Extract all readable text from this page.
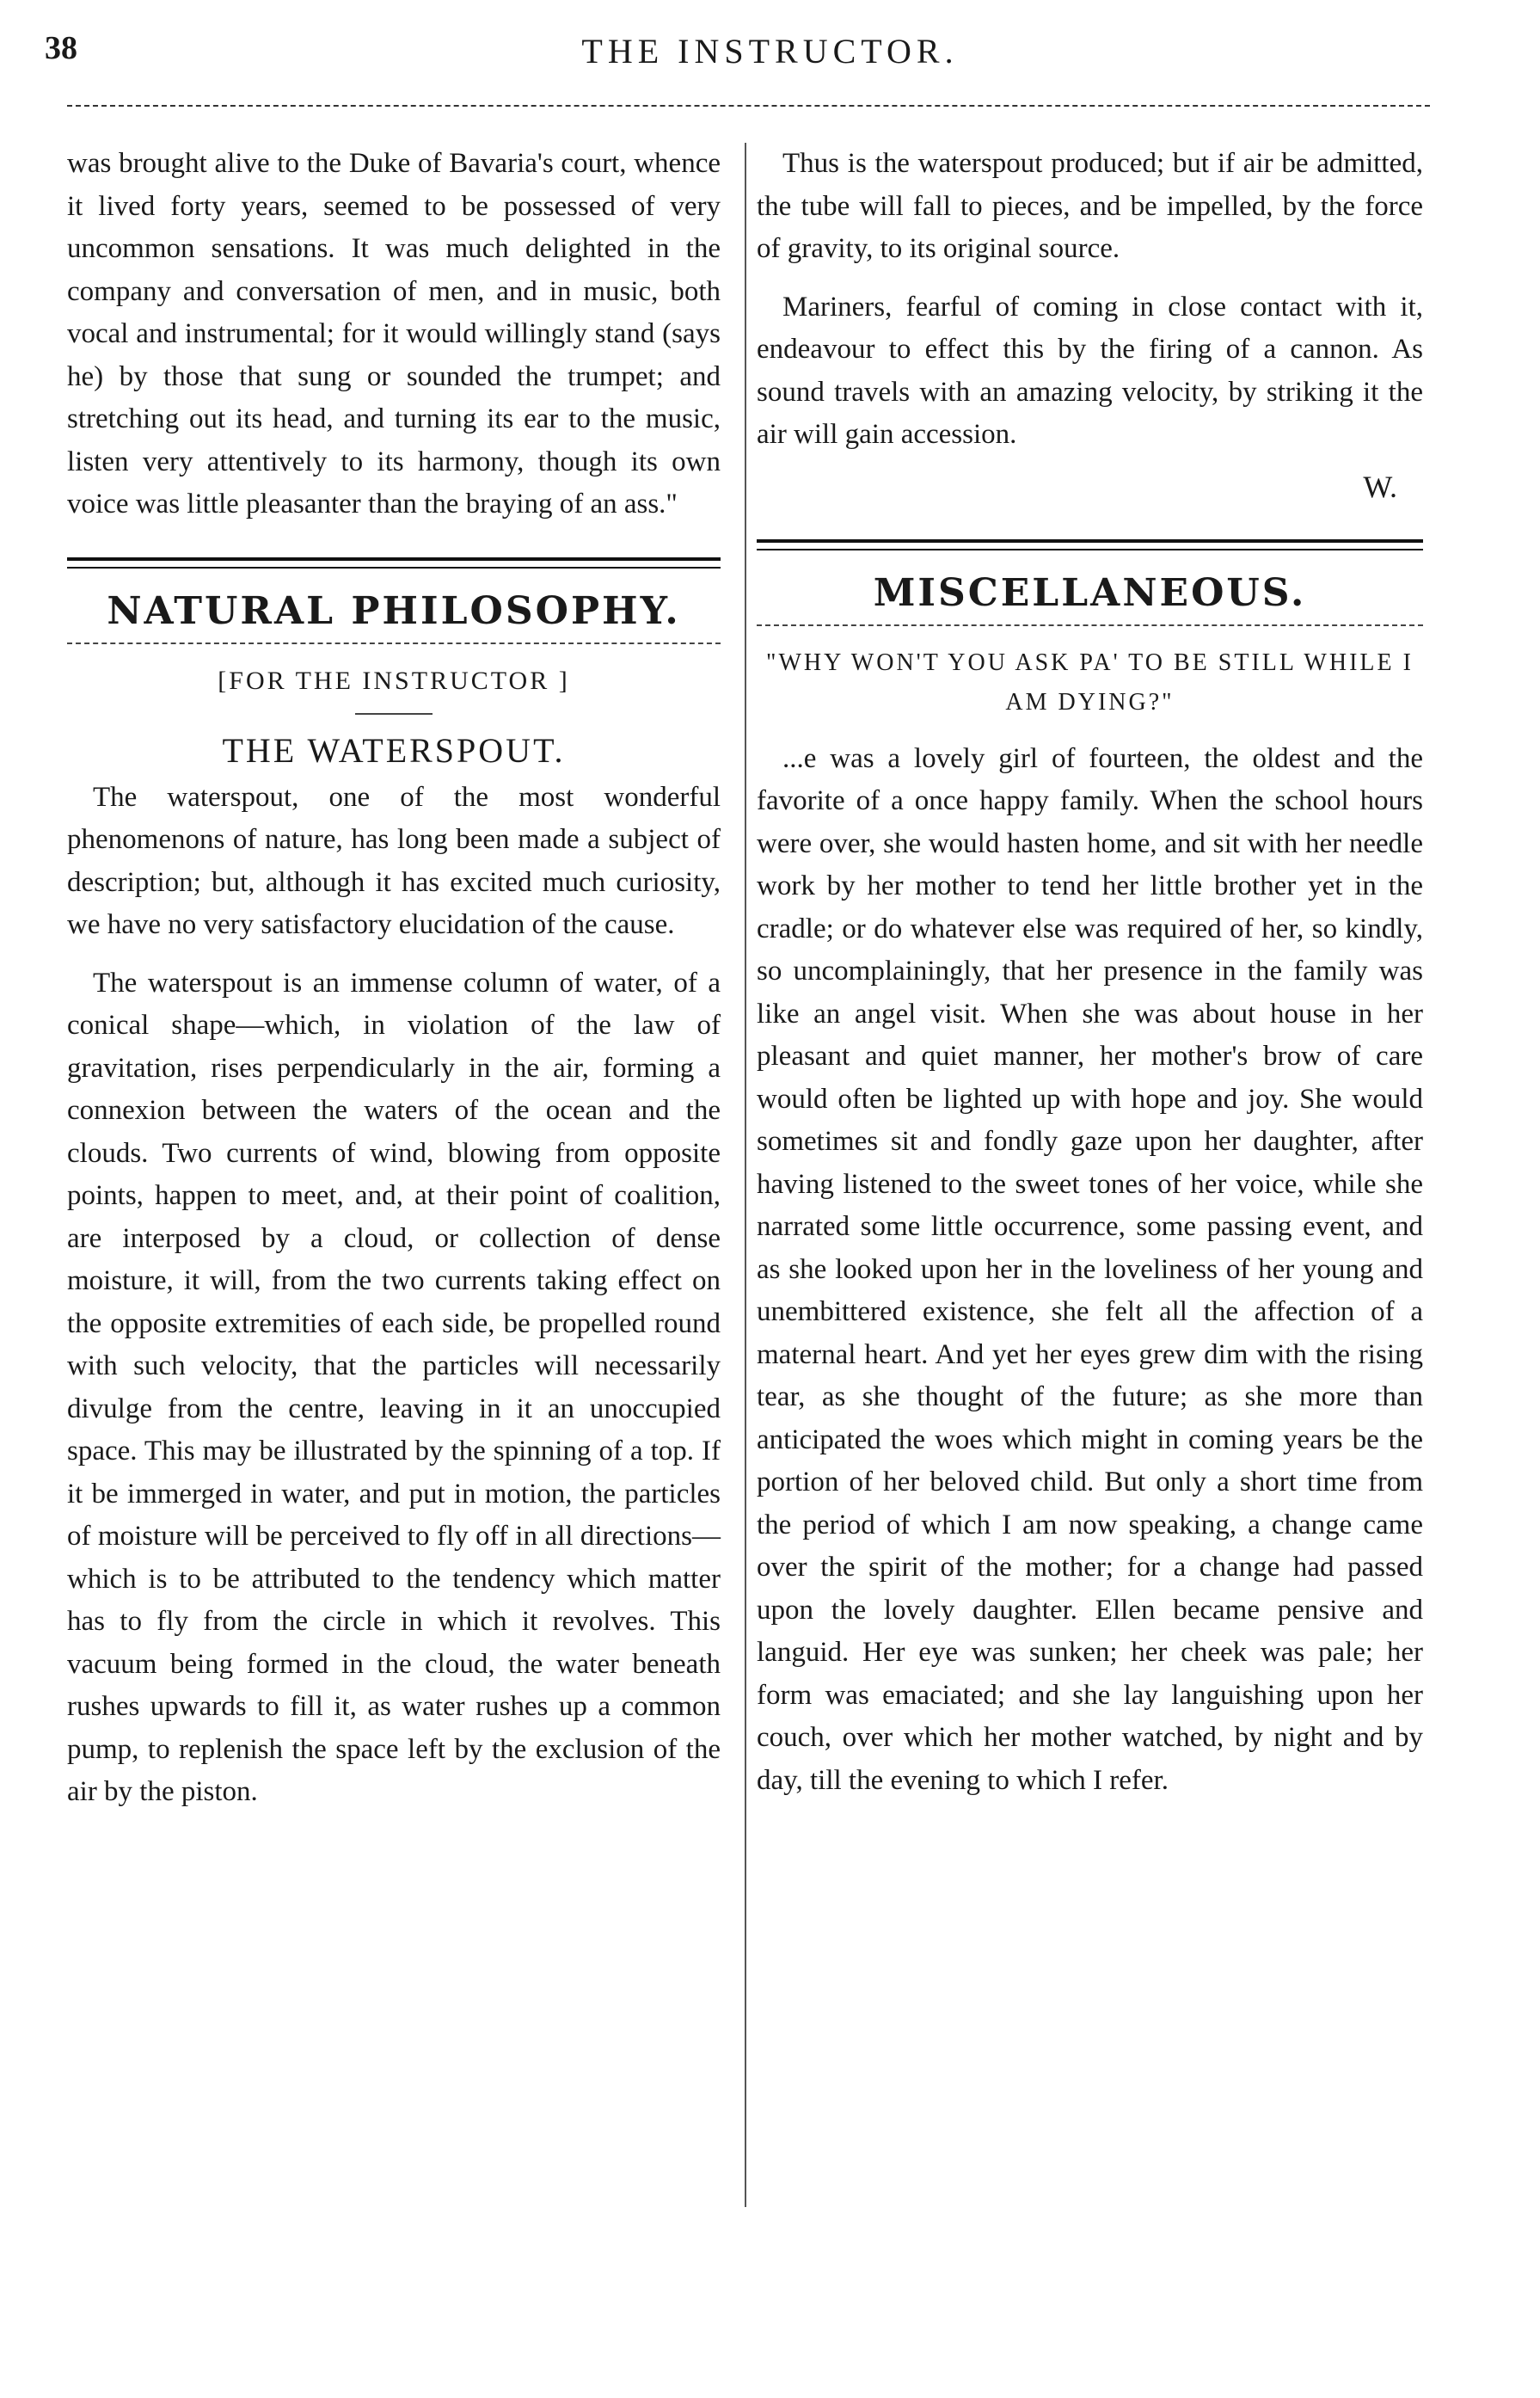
38	THE INSTRUCTOR.

was brought alive to the Duke of Bavaria's court, whence it lived forty years, seemed to be possessed of very uncommon sensations. It was much delighted in the company and conversation of men, and in music, both vocal and instrumental; for it would willingly stand (says he) by those that sung or sounded the trumpet; and stretching out its head, and turning its ear to the music, listen very attentively to its harmony, though its own voice was little pleasanter than the braying of an ass."

NATURAL PHILOSOPHY.
[FOR THE INSTRUCTOR ]
THE WATERSPOUT.

The waterspout, one of the most wonderful phenomenons of nature, has long been made a subject of description; but, although it has excited much curiosity, we have no very satisfactory elucidation of the cause.

The waterspout is an immense column of water, of a conical shape—which, in violation of the law of gravitation, rises perpendicularly in the air, forming a connexion between the waters of the ocean and the clouds. Two currents of wind, blowing from opposite points, happen to meet, and, at their point of coalition, are interposed by a cloud, or collection of dense moisture, it will, from the two currents taking effect on the opposite extremities of each side, be propelled round with such velocity, that the particles will necessarily divulge from the centre, leaving in it an unoccupied space. This may be illustrated by the spinning of a top. If it be immerged in water, and put in motion, the particles of moisture will be perceived to fly off in all directions—which is to be attributed to the tendency which matter has to fly from the circle in which it revolves. This vacuum being formed in the cloud, the water beneath rushes upwards to fill it, as water rushes up a common pump, to replenish the space left by the exclusion of the air by the piston.

Thus is the waterspout produced; but if air be admitted, the tube will fall to pieces, and be impelled, by the force of gravity, to its original source.

Mariners, fearful of coming in close contact with it, endeavour to effect this by the firing of a cannon. As sound travels with an amazing velocity, by striking it the air will gain accession.

W.
MISCELLANEOUS.
"WHY WON'T YOU ASK PA' TO BE STILL WHILE I AM DYING?"

...e was a lovely girl of fourteen, the oldest and the favorite of a once happy family. When the school hours were over, she would hasten home, and sit with her needle work by her mother to tend her little brother yet in the cradle; or do whatever else was required of her, so kindly, so uncomplainingly, that her presence in the family was like an angel visit. When she was about house in her pleasant and quiet manner, her mother's brow of care would often be lighted up with hope and joy. She would sometimes sit and fondly gaze upon her daughter, after having listened to the sweet tones of her voice, while she narrated some little occurrence, some passing event, and as she looked upon her in the loveliness of her young and unembittered existence, she felt all the affection of a maternal heart. And yet her eyes grew dim with the rising tear, as she thought of the future; as she more than anticipated the woes which might in coming years be the portion of her beloved child. But only a short time from the period of which I am now speaking, a change came over the spirit of the mother; for a change had passed upon the lovely daughter. Ellen became pensive and languid. Her eye was sunken; her cheek was pale; her form was emaciated; and she lay languishing upon her couch, over which her mother watched, by night and by day, till the evening to which I refer.
